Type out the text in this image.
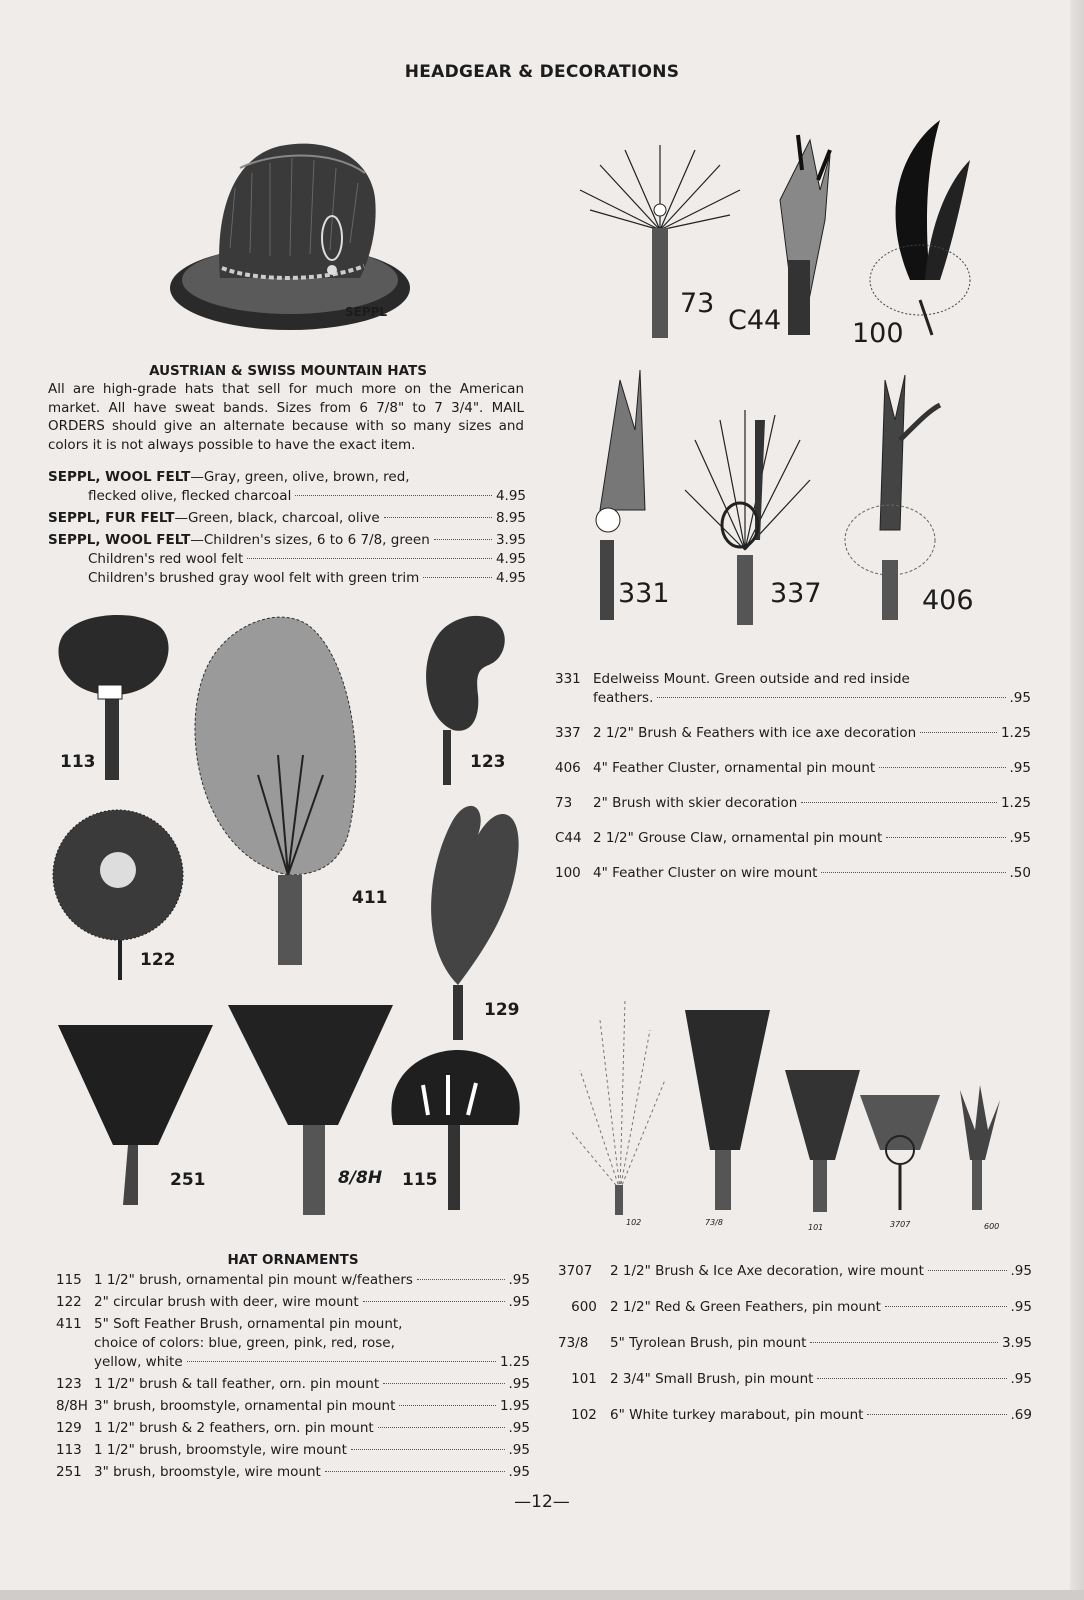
HEADGEAR & DECORATIONS
SEPPL
AUSTRIAN & SWISS MOUNTAIN HATS
All are high-grade hats that sell for much more on the American market. All have sweat bands. Sizes from 6 7/8" to 7 3/4". MAIL ORDERS should give an alternate because with so many sizes and colors it is not always possible to have the exact item.
SEPPL, WOOL FELT —Gray, green, olive, brown, red,
flecked olive, flecked charcoal	4.95
SEPPL, FUR FELT —Green, black, charcoal, olive	8.95
SEPPL, WOOL FELT —Children's sizes, 6 to 6 7/8, green	3.95
Children's red wool felt	4.95
Children's brushed gray wool felt with green trim	4.95
73
C44	100
331	337	406
331 Edelweiss Mount. Green outside and red inside
feathers.	.95
337 2 1/2" Brush & Feathers with ice axe decoration	1.25
406 4" Feather Cluster, ornamental pin mount	.95
73	2" Brush with skier decoration	1.25
C44 2 1/2" Grouse Claw, ornamental pin mount	.95
100 4" Feather Cluster on wire mount	.50
113
411
123
122
129
251	8/8H 115
102	73/8
101	3707	600
HAT ORNAMENTS
115 1 1/2" brush, ornamental pin mount w/feathers	.95
122 2" circular brush with deer, wire mount	.95
411 5" Soft Feather Brush, ornamental pin mount,
choice of colors: blue, green, pink, red, rose,
yellow, white	1.25
123 1 1/2" brush & tall feather, orn. pin mount	.95
8/8H 3" brush, broomstyle, ornamental pin mount	1.95
129 1 1/2" brush & 2 feathers, orn. pin mount	.95
113 1 1/2" brush, broomstyle, wire mount	.95
251 3" brush, broomstyle, wire mount	.95
3707	2 1/2" Brush & Ice Axe decoration, wire mount	.95
600 2 1/2" Red & Green Feathers, pin mount	.95
73/8	5" Tyrolean Brush, pin mount	3.95
101 2 3/4" Small Brush, pin mount	.95
102 6" White turkey marabout, pin mount	.69
—12—
